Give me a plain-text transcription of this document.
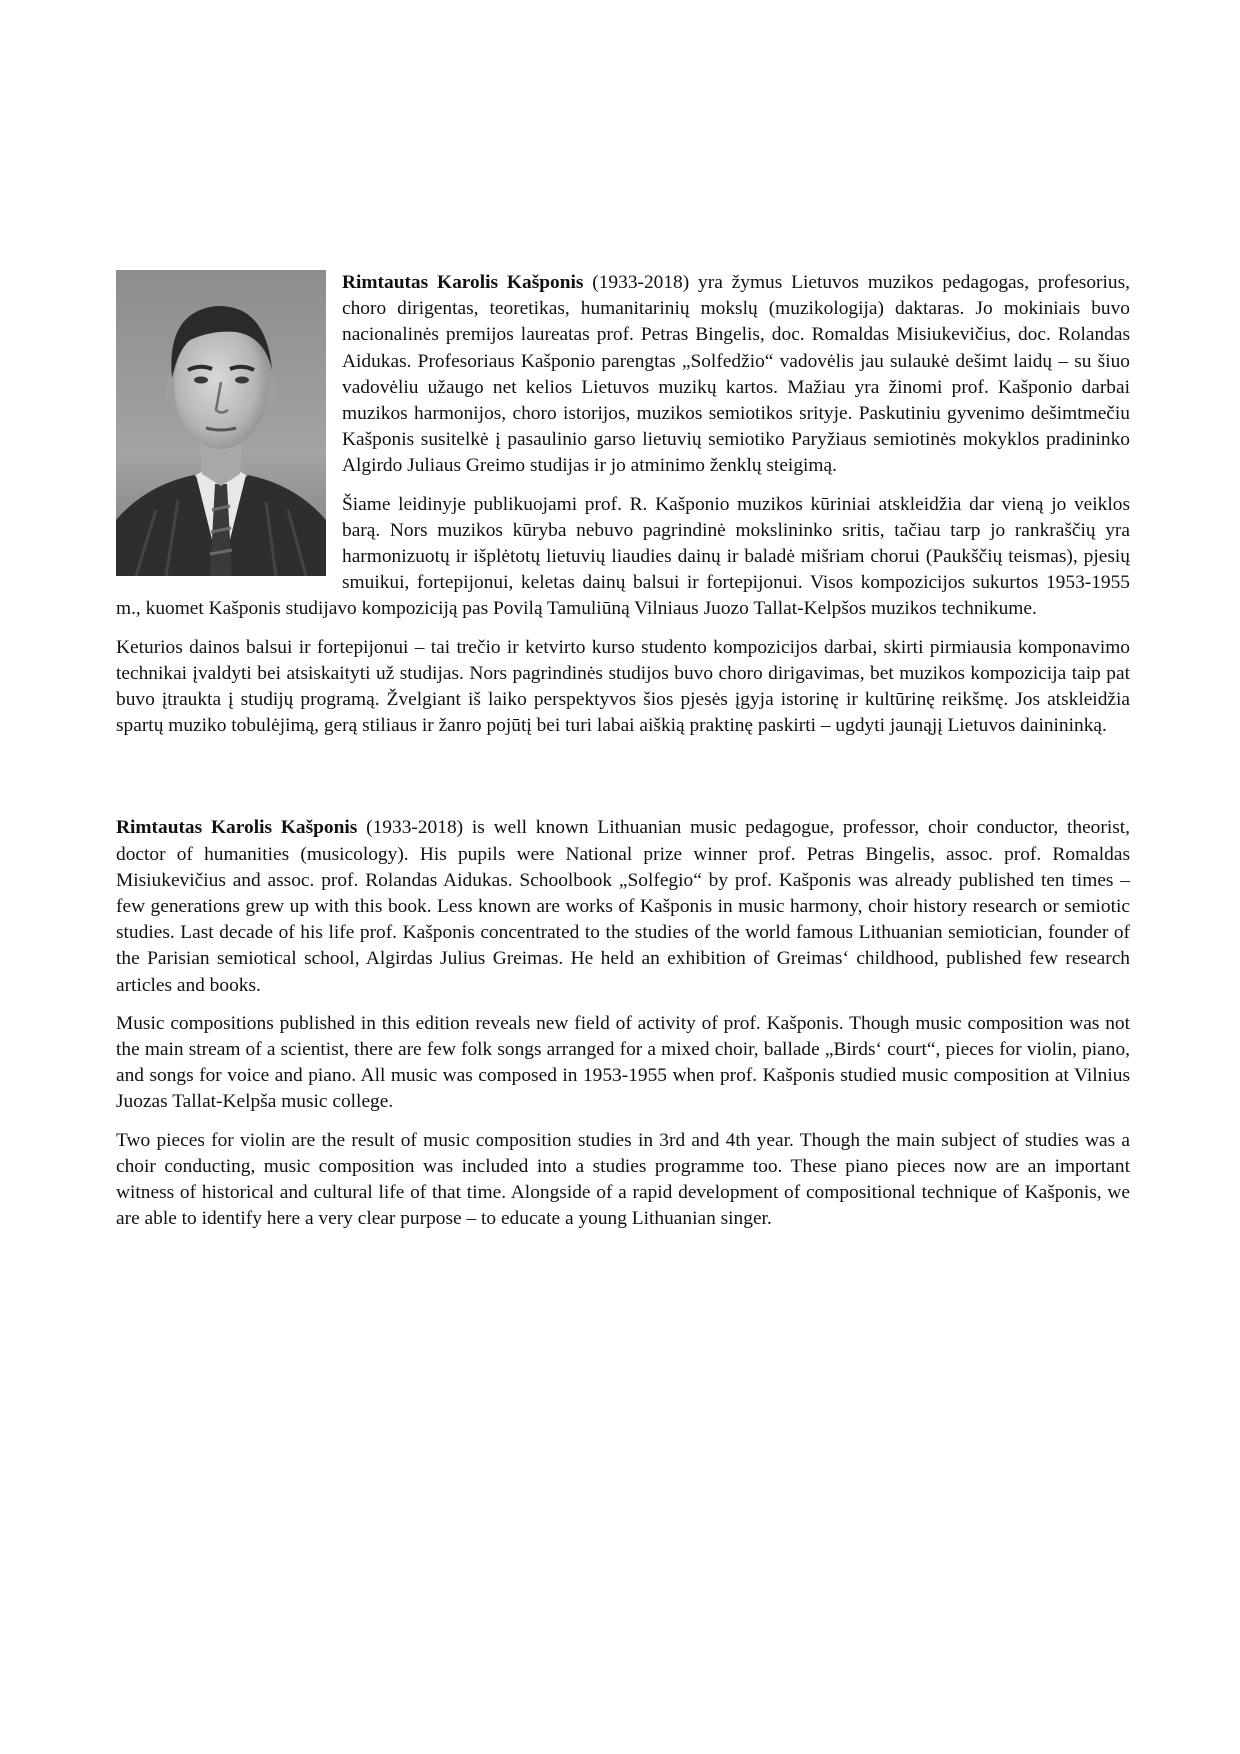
Rimtautas Karolis Kašponis (1933-2018) yra žymus Lietuvos muzikos pedagogas, profesorius, choro dirigentas, teoretikas, humanitarinių mokslų (muzikologija) daktaras. Jo mokiniais buvo nacionalinės premijos laureatas prof. Petras Bingelis, doc. Romaldas Misiukevičius, doc. Rolandas Aidukas. Profesoriaus Kašponio parengtas „Solfedžio“ vadovėlis jau sulaukė dešimt laidų – su šiuo vadovėliu užaugo net kelios Lietuvos muzikų kartos. Mažiau yra žinomi prof. Kašponio darbai muzikos harmonijos, choro istorijos, muzikos semiotikos srityje. Paskutiniu gyvenimo dešimtmečiu Kašponis susitelkė į pasaulinio garso lietuvių semiotiko Paryžiaus semiotinės mokyklos pradininko Algirdo Juliaus Greimo studijas ir jo atminimo ženklų steigimą.

Šiame leidinyje publikuojami prof. R. Kašponio muzikos kūriniai atskleidžia dar vieną jo veiklos barą. Nors muzikos kūryba nebuvo pagrindinė mokslininko sritis, tačiau tarp jo rankraščių yra harmonizuotų ir išplėtotų lietuvių liaudies dainų ir baladė mišriam chorui (Paukščių teismas), pjesių smuikui, fortepijonui, keletas dainų balsui ir fortepijonui. Visos kompozicijos sukurtos 1953-1955 m., kuomet Kašponis studijavo kompoziciją pas Povilą Tamuliūną Vilniaus Juozo Tallat-Kelpšos muzikos technikume.

Keturios dainos balsui ir fortepijonui – tai trečio ir ketvirto kurso studento kompozicijos darbai, skirti pirmiausia komponavimo technikai įvaldyti bei atsiskaityti už studijas. Nors pagrindinės studijos buvo choro dirigavimas, bet muzikos kompozicija taip pat buvo įtraukta į studijų programą. Žvelgiant iš laiko perspektyvos šios pjesės įgyja istorinę ir kultūrinę reikšmę. Jos atskleidžia spartų muziko tobulėjimą, gerą stiliaus ir žanro pojūtį bei turi labai aiškią praktinę paskirti – ugdyti jaunąjį Lietuvos dainininką.

Rimtautas Karolis Kašponis (1933-2018) is well known Lithuanian music pedagogue, professor, choir conductor, theorist, doctor of humanities (musicology). His pupils were National prize winner prof. Petras Bingelis, assoc. prof. Romaldas Misiukevičius and assoc. prof. Rolandas Aidukas. Schoolbook „Solfegio“ by prof. Kašponis was already published ten times – few generations grew up with this book. Less known are works of Kašponis in music harmony, choir history research or semiotic studies. Last decade of his life prof. Kašponis concentrated to the studies of the world famous Lithuanian semiotician, founder of the Parisian semiotical school, Algirdas Julius Greimas. He held an exhibition of Greimas‘ childhood, published few research articles and books.

Music compositions published in this edition reveals new field of activity of prof. Kašponis. Though music composition was not the main stream of a scientist, there are few folk songs arranged for a mixed choir, ballade „Birds‘ court“, pieces for violin, piano, and songs for voice and piano. All music was composed in 1953-1955 when prof. Kašponis studied music composition at Vilnius Juozas Tallat-Kelpša music college.

Two pieces for violin are the result of music composition studies in 3rd and 4th year. Though the main subject of studies was a choir conducting, music composition was included into a studies programme too. These piano pieces now are an important witness of historical and cultural life of that time. Alongside of a rapid development of compositional technique of Kašponis, we are able to identify here a very clear purpose – to educate a young Lithuanian singer.
